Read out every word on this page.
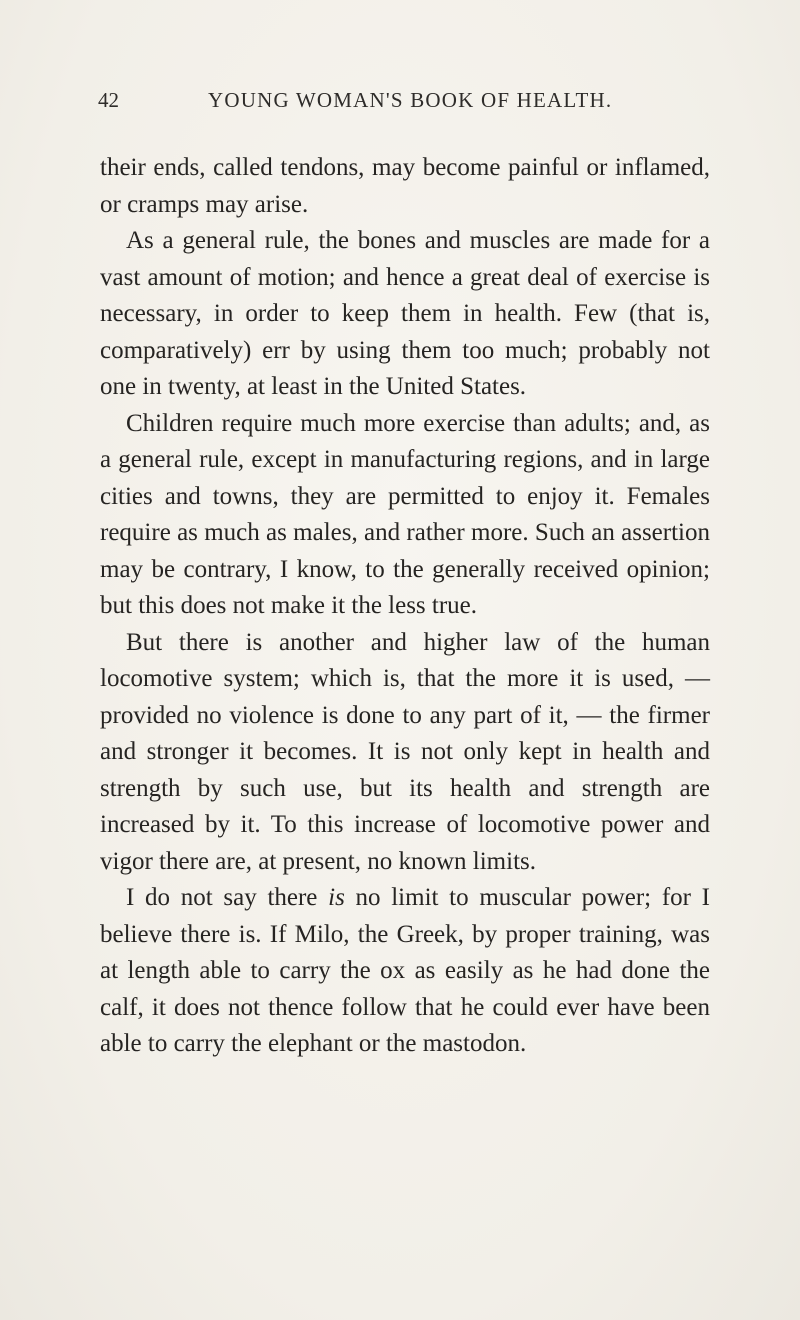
42	YOUNG WOMAN'S BOOK OF HEALTH.

their ends, called tendons, may become painful or inflamed, or cramps may arise.

As a general rule, the bones and muscles are made for a vast amount of motion; and hence a great deal of exercise is necessary, in order to keep them in health. Few (that is, comparatively) err by using them too much; probably not one in twenty, at least in the United States.

Children require much more exercise than adults; and, as a general rule, except in manufacturing regions, and in large cities and towns, they are permitted to enjoy it. Females require as much as males, and rather more. Such an assertion may be contrary, I know, to the generally received opinion; but this does not make it the less true.

But there is another and higher law of the human locomotive system; which is, that the more it is used, — provided no violence is done to any part of it, — the firmer and stronger it becomes. It is not only kept in health and strength by such use, but its health and strength are increased by it. To this increase of locomotive power and vigor there are, at present, no known limits.

I do not say there is no limit to muscular power; for I believe there is. If Milo, the Greek, by proper training, was at length able to carry the ox as easily as he had done the calf, it does not thence follow that he could ever have been able to carry the elephant or the mastodon.
